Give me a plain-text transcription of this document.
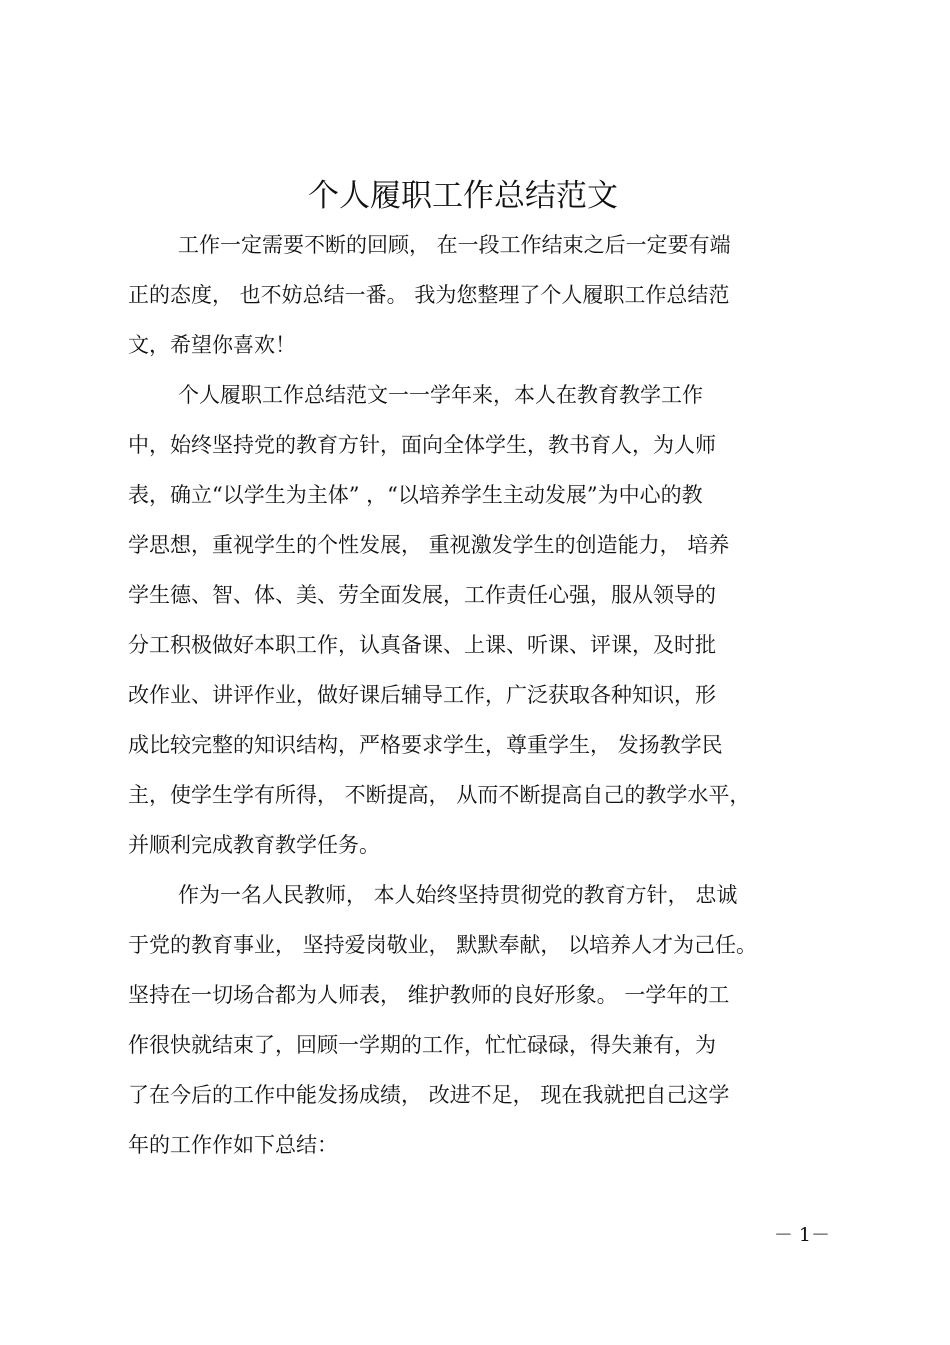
个人履职工作总结范文
工作一定需要不断的回顾， 在一段工作结束之后一定要有端
正的态度， 也不妨总结一番。 我为您整理了个人履职工作总结范
文，希望你喜欢！
个人履职工作总结范文一一学年来，本人在教育教学工作
中，始终坚持党的教育方针，面向全体学生，教书育人，为人师
表，确立“以学生为主体” ，“以培养学生主动发展”为中心的教
学思想，重视学生的个性发展， 重视激发学生的创造能力， 培养
学生德、智、体、美、劳全面发展，工作责任心强，服从领导的
分工积极做好本职工作，认真备课、上课、听课、评课，及时批
改作业、讲评作业，做好课后辅导工作，广泛获取各种知识，形
成比较完整的知识结构，严格要求学生，尊重学生， 发扬教学民
主，使学生学有所得， 不断提高， 从而不断提高自己的教学水平，
并顺利完成教育教学任务。
作为一名人民教师， 本人始终坚持贯彻党的教育方针， 忠诚
于党的教育事业， 坚持爱岗敬业， 默默奉献， 以培养人才为己任。
坚持在一切场合都为人师表， 维护教师的良好形象。 一学年的工
作很快就结束了，回顾一学期的工作，忙忙碌碌，得失兼有，为
了在今后的工作中能发扬成绩， 改进不足， 现在我就把自己这学
年的工作作如下总结：
－ 1－
